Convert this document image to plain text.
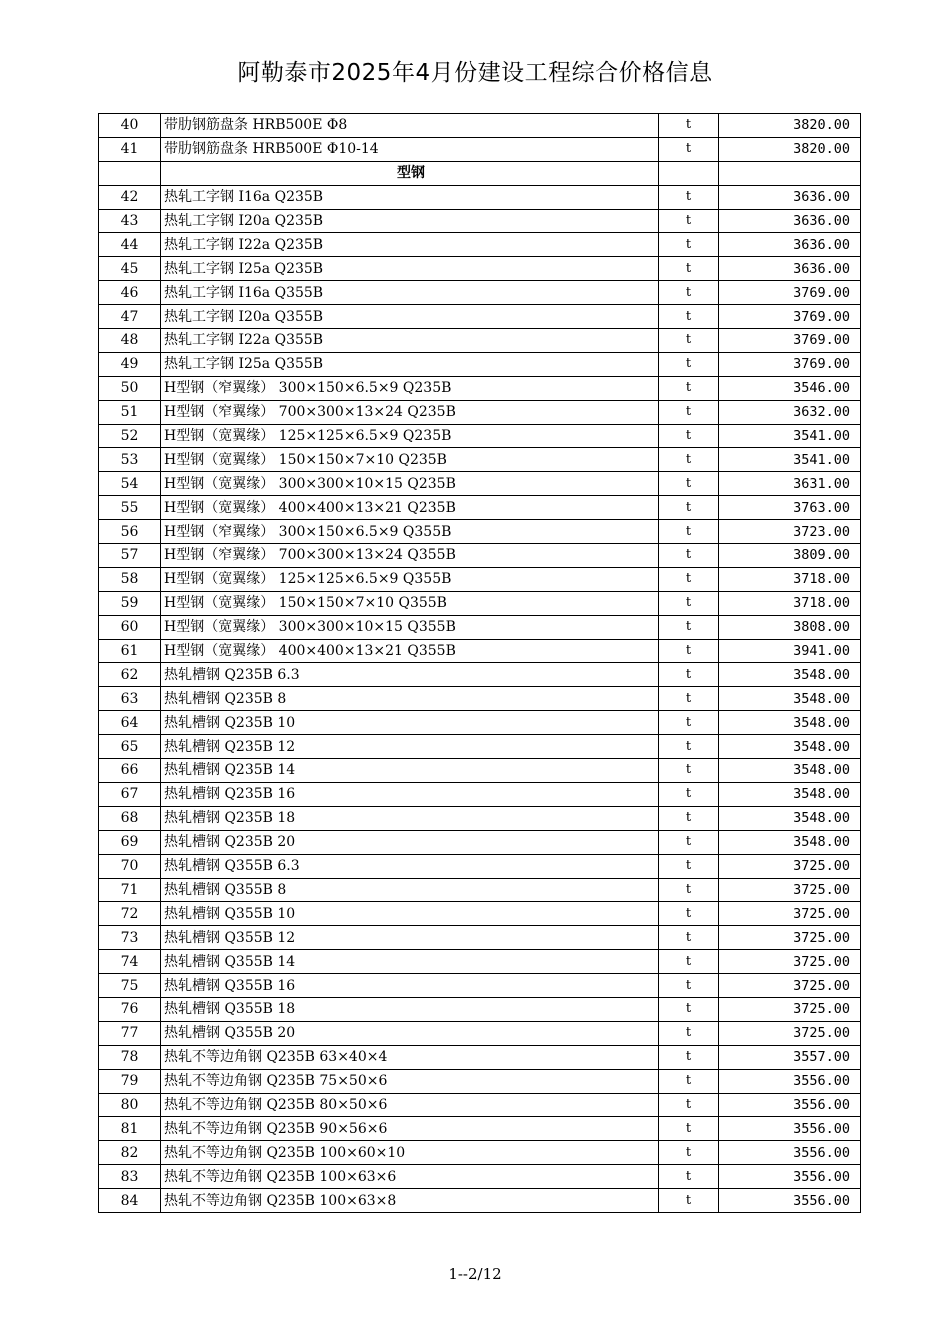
阿勒泰市2025年4月份建设工程综合价格信息
40	带肋钢筋盘条 HRB500E Φ8	t	3820.00
41	带肋钢筋盘条 HRB500E Φ10-14	t	3820.00
	型钢		
42	热轧工字钢 I16a Q235B	t	3636.00
43	热轧工字钢 I20a Q235B	t	3636.00
44	热轧工字钢 I22a Q235B	t	3636.00
45	热轧工字钢 I25a Q235B	t	3636.00
46	热轧工字钢 I16a Q355B	t	3769.00
47	热轧工字钢 I20a Q355B	t	3769.00
48	热轧工字钢 I22a Q355B	t	3769.00
49	热轧工字钢 I25a Q355B	t	3769.00
50	H型钢（窄翼缘） 300×150×6.5×9 Q235B	t	3546.00
51	H型钢（窄翼缘） 700×300×13×24 Q235B	t	3632.00
52	H型钢（宽翼缘） 125×125×6.5×9 Q235B	t	3541.00
53	H型钢（宽翼缘） 150×150×7×10 Q235B	t	3541.00
54	H型钢（宽翼缘） 300×300×10×15 Q235B	t	3631.00
55	H型钢（宽翼缘） 400×400×13×21 Q235B	t	3763.00
56	H型钢（窄翼缘） 300×150×6.5×9 Q355B	t	3723.00
57	H型钢（窄翼缘） 700×300×13×24 Q355B	t	3809.00
58	H型钢（宽翼缘） 125×125×6.5×9 Q355B	t	3718.00
59	H型钢（宽翼缘） 150×150×7×10 Q355B	t	3718.00
60	H型钢（宽翼缘） 300×300×10×15 Q355B	t	3808.00
61	H型钢（宽翼缘） 400×400×13×21 Q355B	t	3941.00
62	热轧槽钢 Q235B 6.3	t	3548.00
63	热轧槽钢 Q235B 8	t	3548.00
64	热轧槽钢 Q235B 10	t	3548.00
65	热轧槽钢 Q235B 12	t	3548.00
66	热轧槽钢 Q235B 14	t	3548.00
67	热轧槽钢 Q235B 16	t	3548.00
68	热轧槽钢 Q235B 18	t	3548.00
69	热轧槽钢 Q235B 20	t	3548.00
70	热轧槽钢 Q355B 6.3	t	3725.00
71	热轧槽钢 Q355B 8	t	3725.00
72	热轧槽钢 Q355B 10	t	3725.00
73	热轧槽钢 Q355B 12	t	3725.00
74	热轧槽钢 Q355B 14	t	3725.00
75	热轧槽钢 Q355B 16	t	3725.00
76	热轧槽钢 Q355B 18	t	3725.00
77	热轧槽钢 Q355B 20	t	3725.00
78	热轧不等边角钢 Q235B 63×40×4	t	3557.00
79	热轧不等边角钢 Q235B 75×50×6	t	3556.00
80	热轧不等边角钢 Q235B 80×50×6	t	3556.00
81	热轧不等边角钢 Q235B 90×56×6	t	3556.00
82	热轧不等边角钢 Q235B 100×60×10	t	3556.00
83	热轧不等边角钢 Q235B 100×63×6	t	3556.00
84	热轧不等边角钢 Q235B 100×63×8	t	3556.00
1--2/12
